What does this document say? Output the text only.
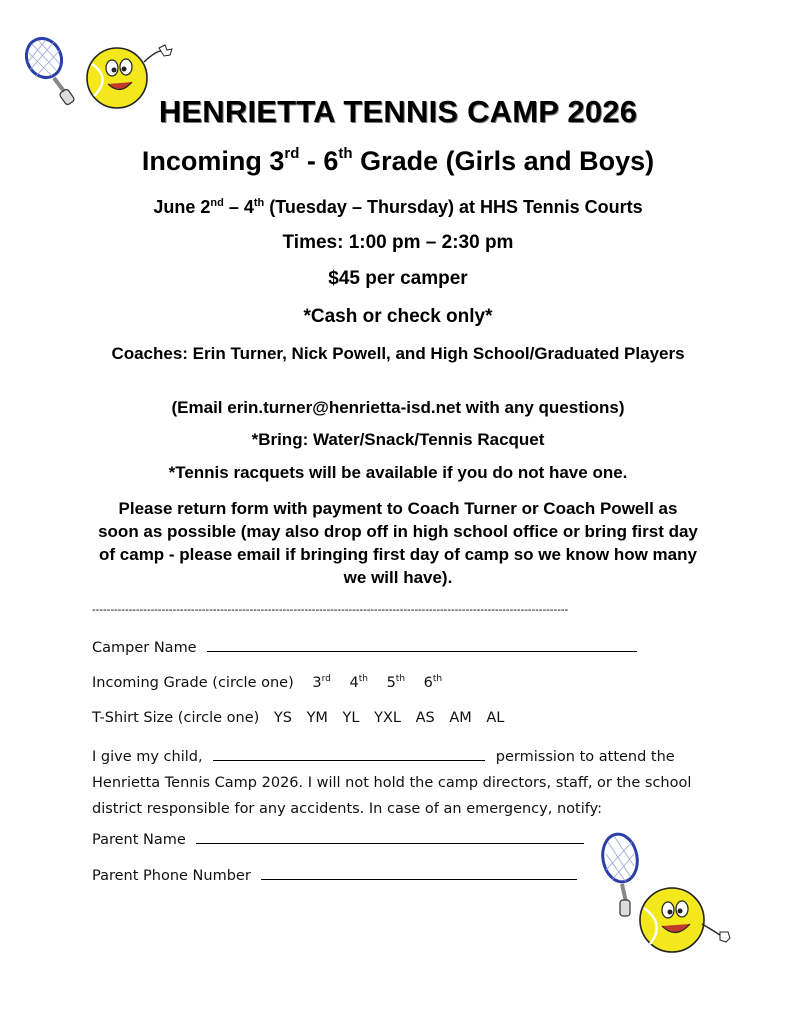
HENRIETTA TENNIS CAMP 2026
Incoming 3rd - 6th Grade (Girls and Boys)
June 2nd – 4th (Tuesday – Thursday) at HHS Tennis Courts
Times: 1:00 pm – 2:30 pm
$45 per camper
*Cash or check only*
Coaches: Erin Turner, Nick Powell, and High School/Graduated Players
(Email erin.turner@henrietta-isd.net with any questions)
*Bring: Water/Snack/Tennis Racquet
*Tennis racquets will be available if you do not have one.
Please return form with payment to Coach Turner or Coach Powell as soon as possible (may also drop off in high school office or bring first day of camp - please email if bringing first day of camp so we know how many we will have).
----------------------------------------------------------------------------------------------------------------------------------
Camper Name
Incoming Grade (circle one) 3rd 4th 5th 6th
T-Shirt Size (circle one) YS YM YL YXL AS AM AL
I give my child,	permission to attend the Henrietta Tennis Camp 2026. I will not hold the camp directors, staff, or the school district responsible for any accidents. In case of an emergency, notify:
Parent Name
Parent Phone Number
